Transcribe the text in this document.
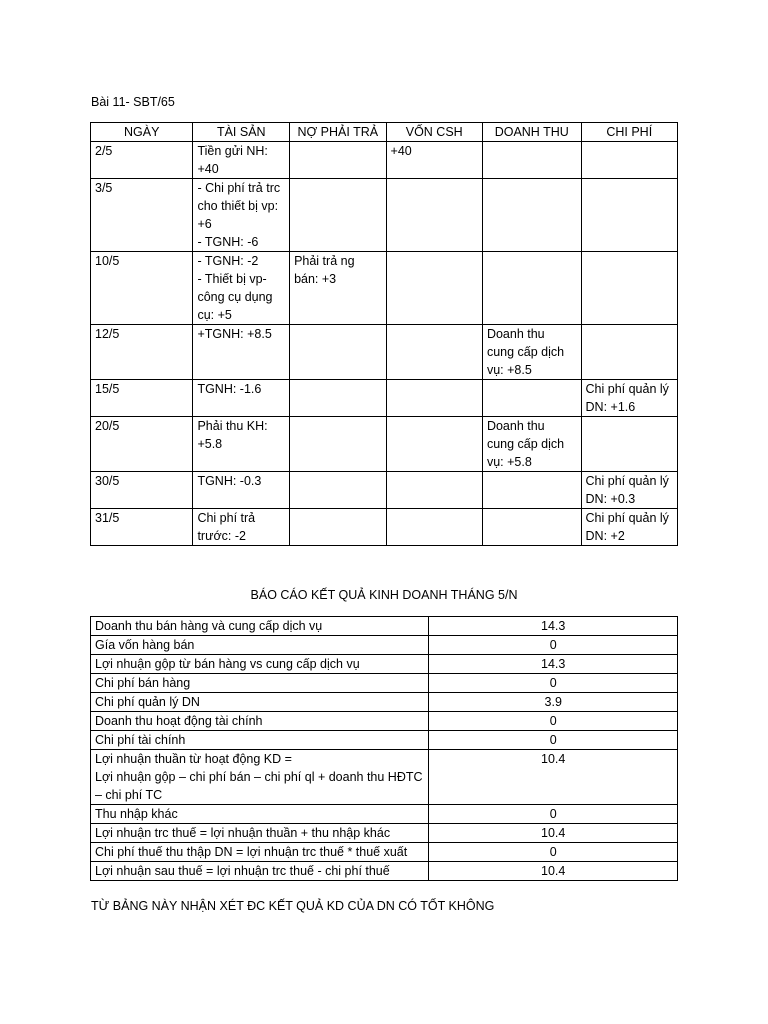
Bài 11- SBT/65
NGÀY	TÀI SẢN	NỢ PHẢI TRẢ	VỐN CSH	DOANH THU	CHI PHÍ
2/5	Tiền gửi NH:
+40		+40		
3/5	- Chi phí trả trc
cho thiết bị vp:
+6
- TGNH: -6				
10/5	- TGNH: -2
- Thiết bị vp-
công cụ dụng
cụ: +5	Phải trả ng
bán: +3			
12/5	+TGNH: +8.5			Doanh thu
cung cấp dịch
vụ: +8.5	
15/5	TGNH: -1.6				Chi phí quản lý
DN: +1.6
20/5	Phải thu KH:
+5.8			Doanh thu
cung cấp dịch
vụ: +5.8	
30/5	TGNH: -0.3				Chi phí quản lý
DN: +0.3
31/5	Chi phí trả
trước: -2				Chi phí quản lý
DN: +2
BÁO CÁO KẾT QUẢ KINH DOANH THÁNG 5/N
Doanh thu bán hàng và cung cấp dịch vụ	14.3
Gía vốn hàng bán	0
Lợi nhuận gộp từ bán hàng vs cung cấp dịch vụ	14.3
Chi phí bán hàng	0
Chi phí quản lý DN	3.9
Doanh thu hoạt động tài chính	0
Chi phí tài chính	0
Lợi nhuận thuần từ hoạt động KD =
Lợi nhuận gộp – chi phí bán – chi phí ql + doanh thu HĐTC
– chi phí TC	10.4
Thu nhập khác	0
Lợi nhuận trc thuế = lợi nhuận thuần + thu nhập khác	10.4
Chi phí thuế thu thập DN = lợi nhuận trc thuế * thuế xuất	0
Lợi nhuận sau thuế = lợi nhuận trc thuế - chi phí thuế	10.4
TỪ BẢNG NÀY NHẬN XÉT ĐC KẾT QUẢ KD CỦA DN CÓ TỐT KHÔNG
